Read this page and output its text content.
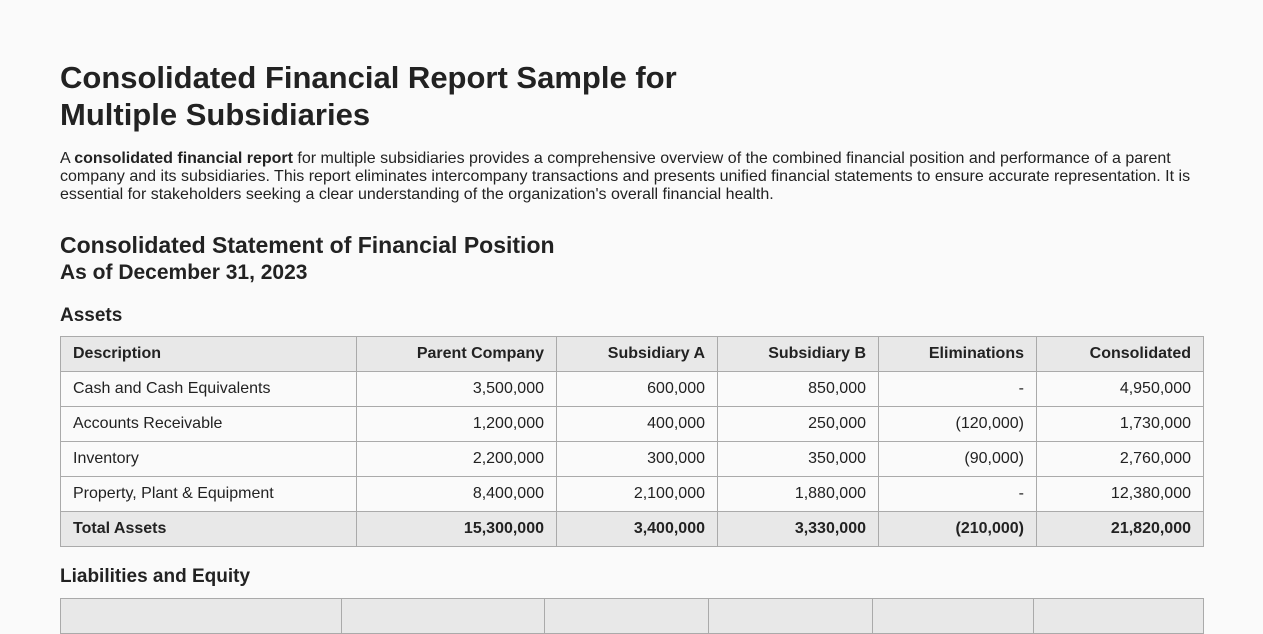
Consolidated Financial Report Sample for Multiple Subsidiaries

A consolidated financial report for multiple subsidiaries provides a comprehensive overview of the combined financial position and performance of a parent company and its subsidiaries. This report eliminates intercompany transactions and presents unified financial statements to ensure accurate representation. It is essential for stakeholders seeking a clear understanding of the organization's overall financial health.

Consolidated Statement of Financial Position
As of December 31, 2023
Assets
Description	Parent Company	Subsidiary A	Subsidiary B	Eliminations	Consolidated
Cash and Cash Equivalents	3,500,000	600,000	850,000	-	4,950,000
Accounts Receivable	1,200,000	400,000	250,000	(120,000)	1,730,000
Inventory	2,200,000	300,000	350,000	(90,000)	2,760,000
Property, Plant & Equipment	8,400,000	2,100,000	1,880,000	-	12,380,000
Total Assets	15,300,000	3,400,000	3,330,000	(210,000)	21,820,000
Liabilities and Equity
